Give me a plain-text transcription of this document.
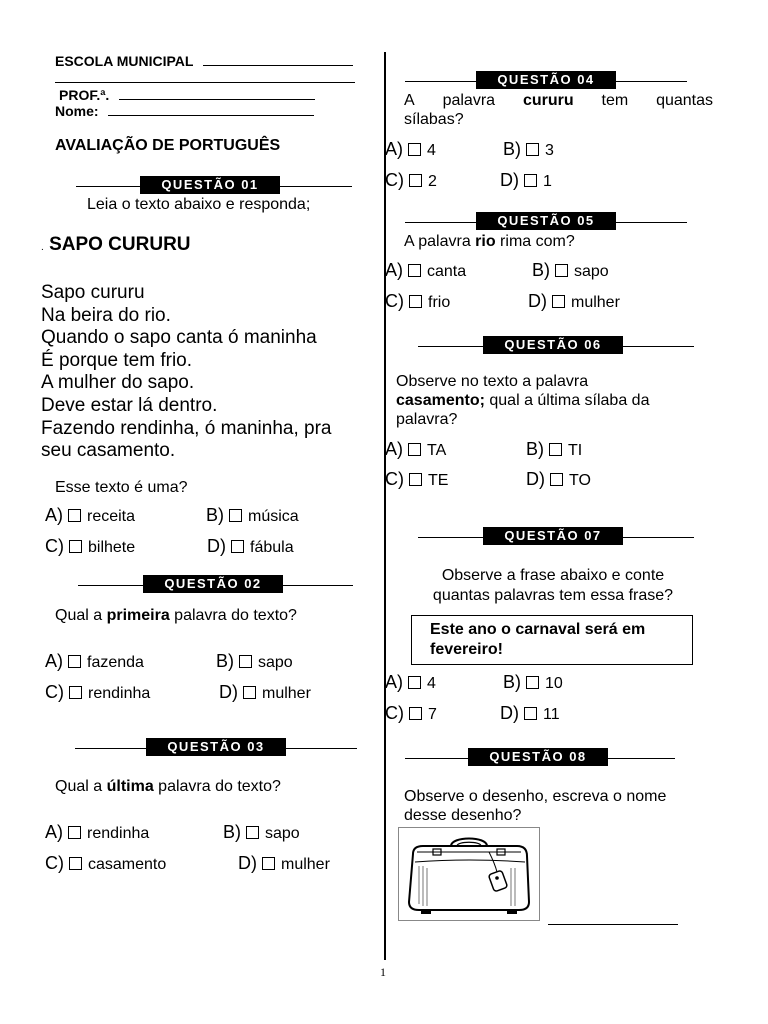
ESCOLA MUNICIPAL
PROF.ª.
Nome:
AVALIAÇÃO DE PORTUGUÊS
QUESTÃO 01
Leia o texto abaixo e responda;
. SAPO CURURU
Sapo cururu
Na beira do rio.
Quando o sapo canta ó maninha
É porque tem frio.
A mulher do sapo.
Deve estar lá dentro.
Fazendo rendinha, ó maninha, pra
seu casamento.
Esse texto é uma?
A) receita	B) música
C) bilhete	D) fábula
QUESTÃO 02
Qual a primeira palavra do texto?
A) fazenda	B) sapo
C) rendinha	D) mulher
QUESTÃO 03
Qual a última palavra do texto?
A) rendinha	B) sapo
C) casamento	D) mulher
QUESTÃO 04
A palavra cururu tem quantas
sílabas?
A) 4	B) 3
C) 2	D) 1
QUESTÃO 05
A palavra rio rima com?
A) canta	B) sapo
C) frio	D) mulher
QUESTÃO 06
Observe no texto a palavra
casamento; qual a última sílaba da
palavra?
A) TA	B) TI
C) TE	D) TO
QUESTÃO 07
Observe a frase abaixo e conte
quantas palavras tem essa frase?
Este ano o carnaval será em
fevereiro!
A) 4	B) 10
C) 7	D) 11
QUESTÃO 08
Observe o desenho, escreva o nome
desse desenho?
1
